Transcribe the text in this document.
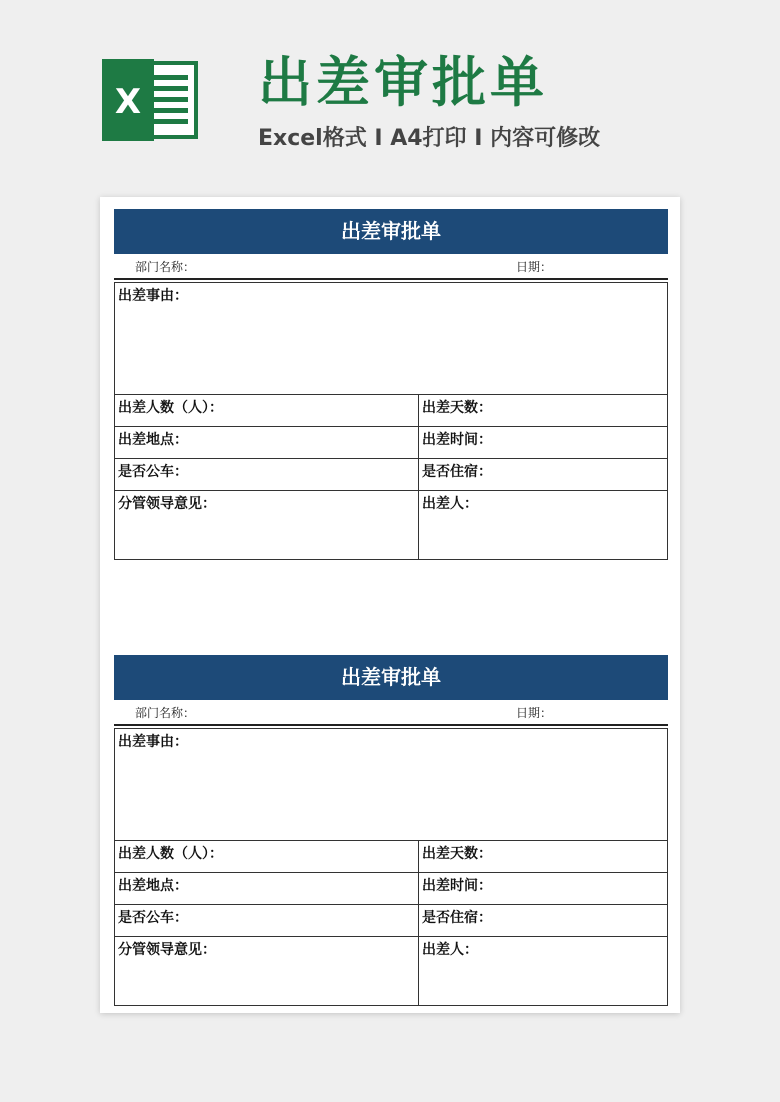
X 出差审批单
Excel格式 I A4打印 I 内容可修改
出差审批单
部门名称：	日期：
出差事由：	
出差人数（人）：	出差天数：
出差地点：	出差时间：
是否公车：	是否住宿：
分管领导意见：	出差人：
出差审批单
部门名称：	日期：
出差事由：	
出差人数（人）：	出差天数：
出差地点：	出差时间：
是否公车：	是否住宿：
分管领导意见：	出差人：
